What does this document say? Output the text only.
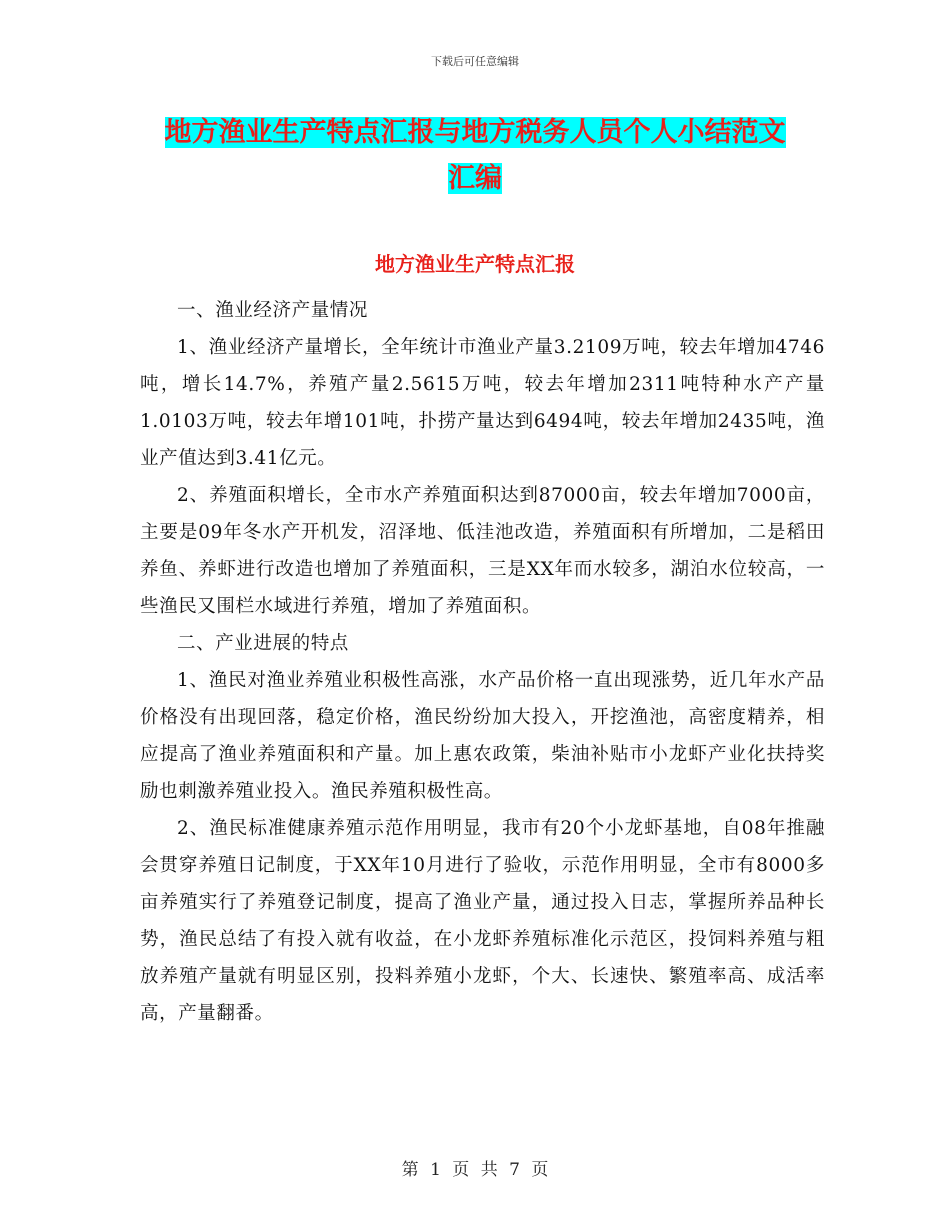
下载后可任意编辑
地方渔业生产特点汇报与地方税务人员个人小结范文
汇编
地方渔业生产特点汇报

一、渔业经济产量情况

1、渔业经济产量增长，全年统计市渔业产量3.2109万吨，较去年增加4746吨，增长14.7%，养殖产量2.5615万吨，较去年增加2311吨特种水产产量1.0103万吨，较去年增101吨，扑捞产量达到6494吨，较去年增加2435吨，渔业产值达到3.41亿元。

2、养殖面积增长，全市水产养殖面积达到87000亩，较去年增加7000亩，主要是09年冬水产开机发，沼泽地、低洼池改造，养殖面积有所增加，二是稻田养鱼、养虾进行改造也增加了养殖面积，三是XX年而水较多，湖泊水位较高，一些渔民又围栏水域进行养殖，增加了养殖面积。

二、产业进展的特点

1、渔民对渔业养殖业积极性高涨，水产品价格一直出现涨势，近几年水产品价格没有出现回落，稳定价格，渔民纷纷加大投入，开挖渔池，高密度精养，相应提高了渔业养殖面积和产量。加上惠农政策，柴油补贴市小龙虾产业化扶持奖励也刺激养殖业投入。渔民养殖积极性高。

2、渔民标准健康养殖示范作用明显，我市有20个小龙虾基地，自08年推融会贯穿养殖日记制度，于XX年10月进行了验收，示范作用明显，全市有8000多亩养殖实行了养殖登记制度，提高了渔业产量，通过投入日志，掌握所养品种长势，渔民总结了有投入就有收益，在小龙虾养殖标准化示范区，投饲料养殖与粗放养殖产量就有明显区别，投料养殖小龙虾，个大、长速快、繁殖率高、成活率高，产量翻番。

第 1 页 共 7 页
